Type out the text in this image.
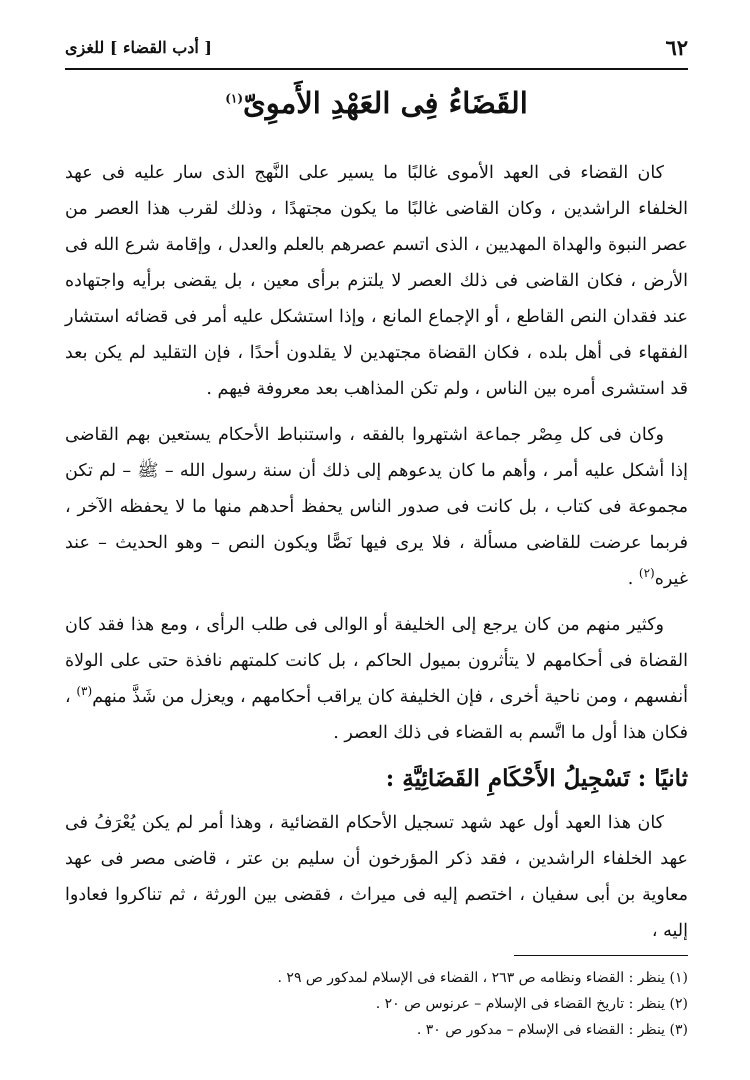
٦٢
[ أدب القضاء ] للغزى
القَضَاءُ فِى العَهْدِ الأَموِىّ$^{(١)}$

كان القضاء فى العهد الأموى غالبًا ما يسير على النَّهج الذى سار عليه فى عهد الخلفاء الراشدين ، وكان القاضى غالبًا ما يكون مجتهدًا ، وذلك لقرب هذا العصر من عصر النبوة والهداة المهديين ، الذى اتسم عصرهم بالعلم والعدل ، وإقامة شرع الله فى الأرض ، فكان القاضى فى ذلك العصر لا يلتزم برأى معين ، بل يقضى برأيه واجتهاده عند فقدان النص القاطع ، أو الإجماع المانع ، وإذا استشكل عليه أمر فى قضائه استشار الفقهاء فى أهل بلده ، فكان القضاة مجتهدين لا يقلدون أحدًا ، فإن التقليد لم يكن بعد قد استشرى أمره بين الناس ، ولم تكن المذاهب بعد معروفة فيهم .

وكان فى كل مِصْر جماعة اشتهروا بالفقه ، واستنباط الأحكام يستعين بهم القاضى إذا أشكل عليه أمر ، وأهم ما كان يدعوهم إلى ذلك أن سنة رسول الله – ﷺ – لم تكن مجموعة فى كتاب ، بل كانت فى صدور الناس يحفظ أحدهم منها ما لا يحفظه الآخر ، فربما عرضت للقاضى مسألة ، فلا يرى فيها نَصًّا ويكون النص – وهو الحديث – عند غيره$^{(٢)}$ .

وكثير منهم من كان يرجع إلى الخليفة أو الوالى فى طلب الرأى ، ومع هذا فقد كان القضاة فى أحكامهم لا يتأثرون بميول الحاكم ، بل كانت كلمتهم نافذة حتى على الولاة أنفسهم ، ومن ناحية أخرى ، فإن الخليفة كان يراقب أحكامهم ، ويعزل من شَذَّ منهم$^{(٣)}$ ، فكان هذا أول ما اتَّسم به القضاء فى ذلك العصر .

ثانيًا : تَسْجِيلُ الأَحْكَامِ القَضَائِيَّةِ :

كان هذا العهد أول عهد شهد تسجيل الأحكام القضائية ، وهذا أمر لم يكن يُعْرَفُ فى عهد الخلفاء الراشدين ، فقد ذكر المؤرخون أن سليم بن عتر ، قاضى مصر فى عهد معاوية بن أبى سفيان ، اختصم إليه فى ميراث ، فقضى بين الورثة ، ثم تناكروا فعادوا إليه ،

(١) ينظر : القضاء ونظامه ص ٢٦٣ ، القضاء فى الإسلام لمدكور ص ٢٩ .

(٢) ينظر : تاريخ القضاء فى الإسلام – عرنوس ص ٢٠ .

(٣) ينظر : القضاء فى الإسلام – مدكور ص ٣٠ .
